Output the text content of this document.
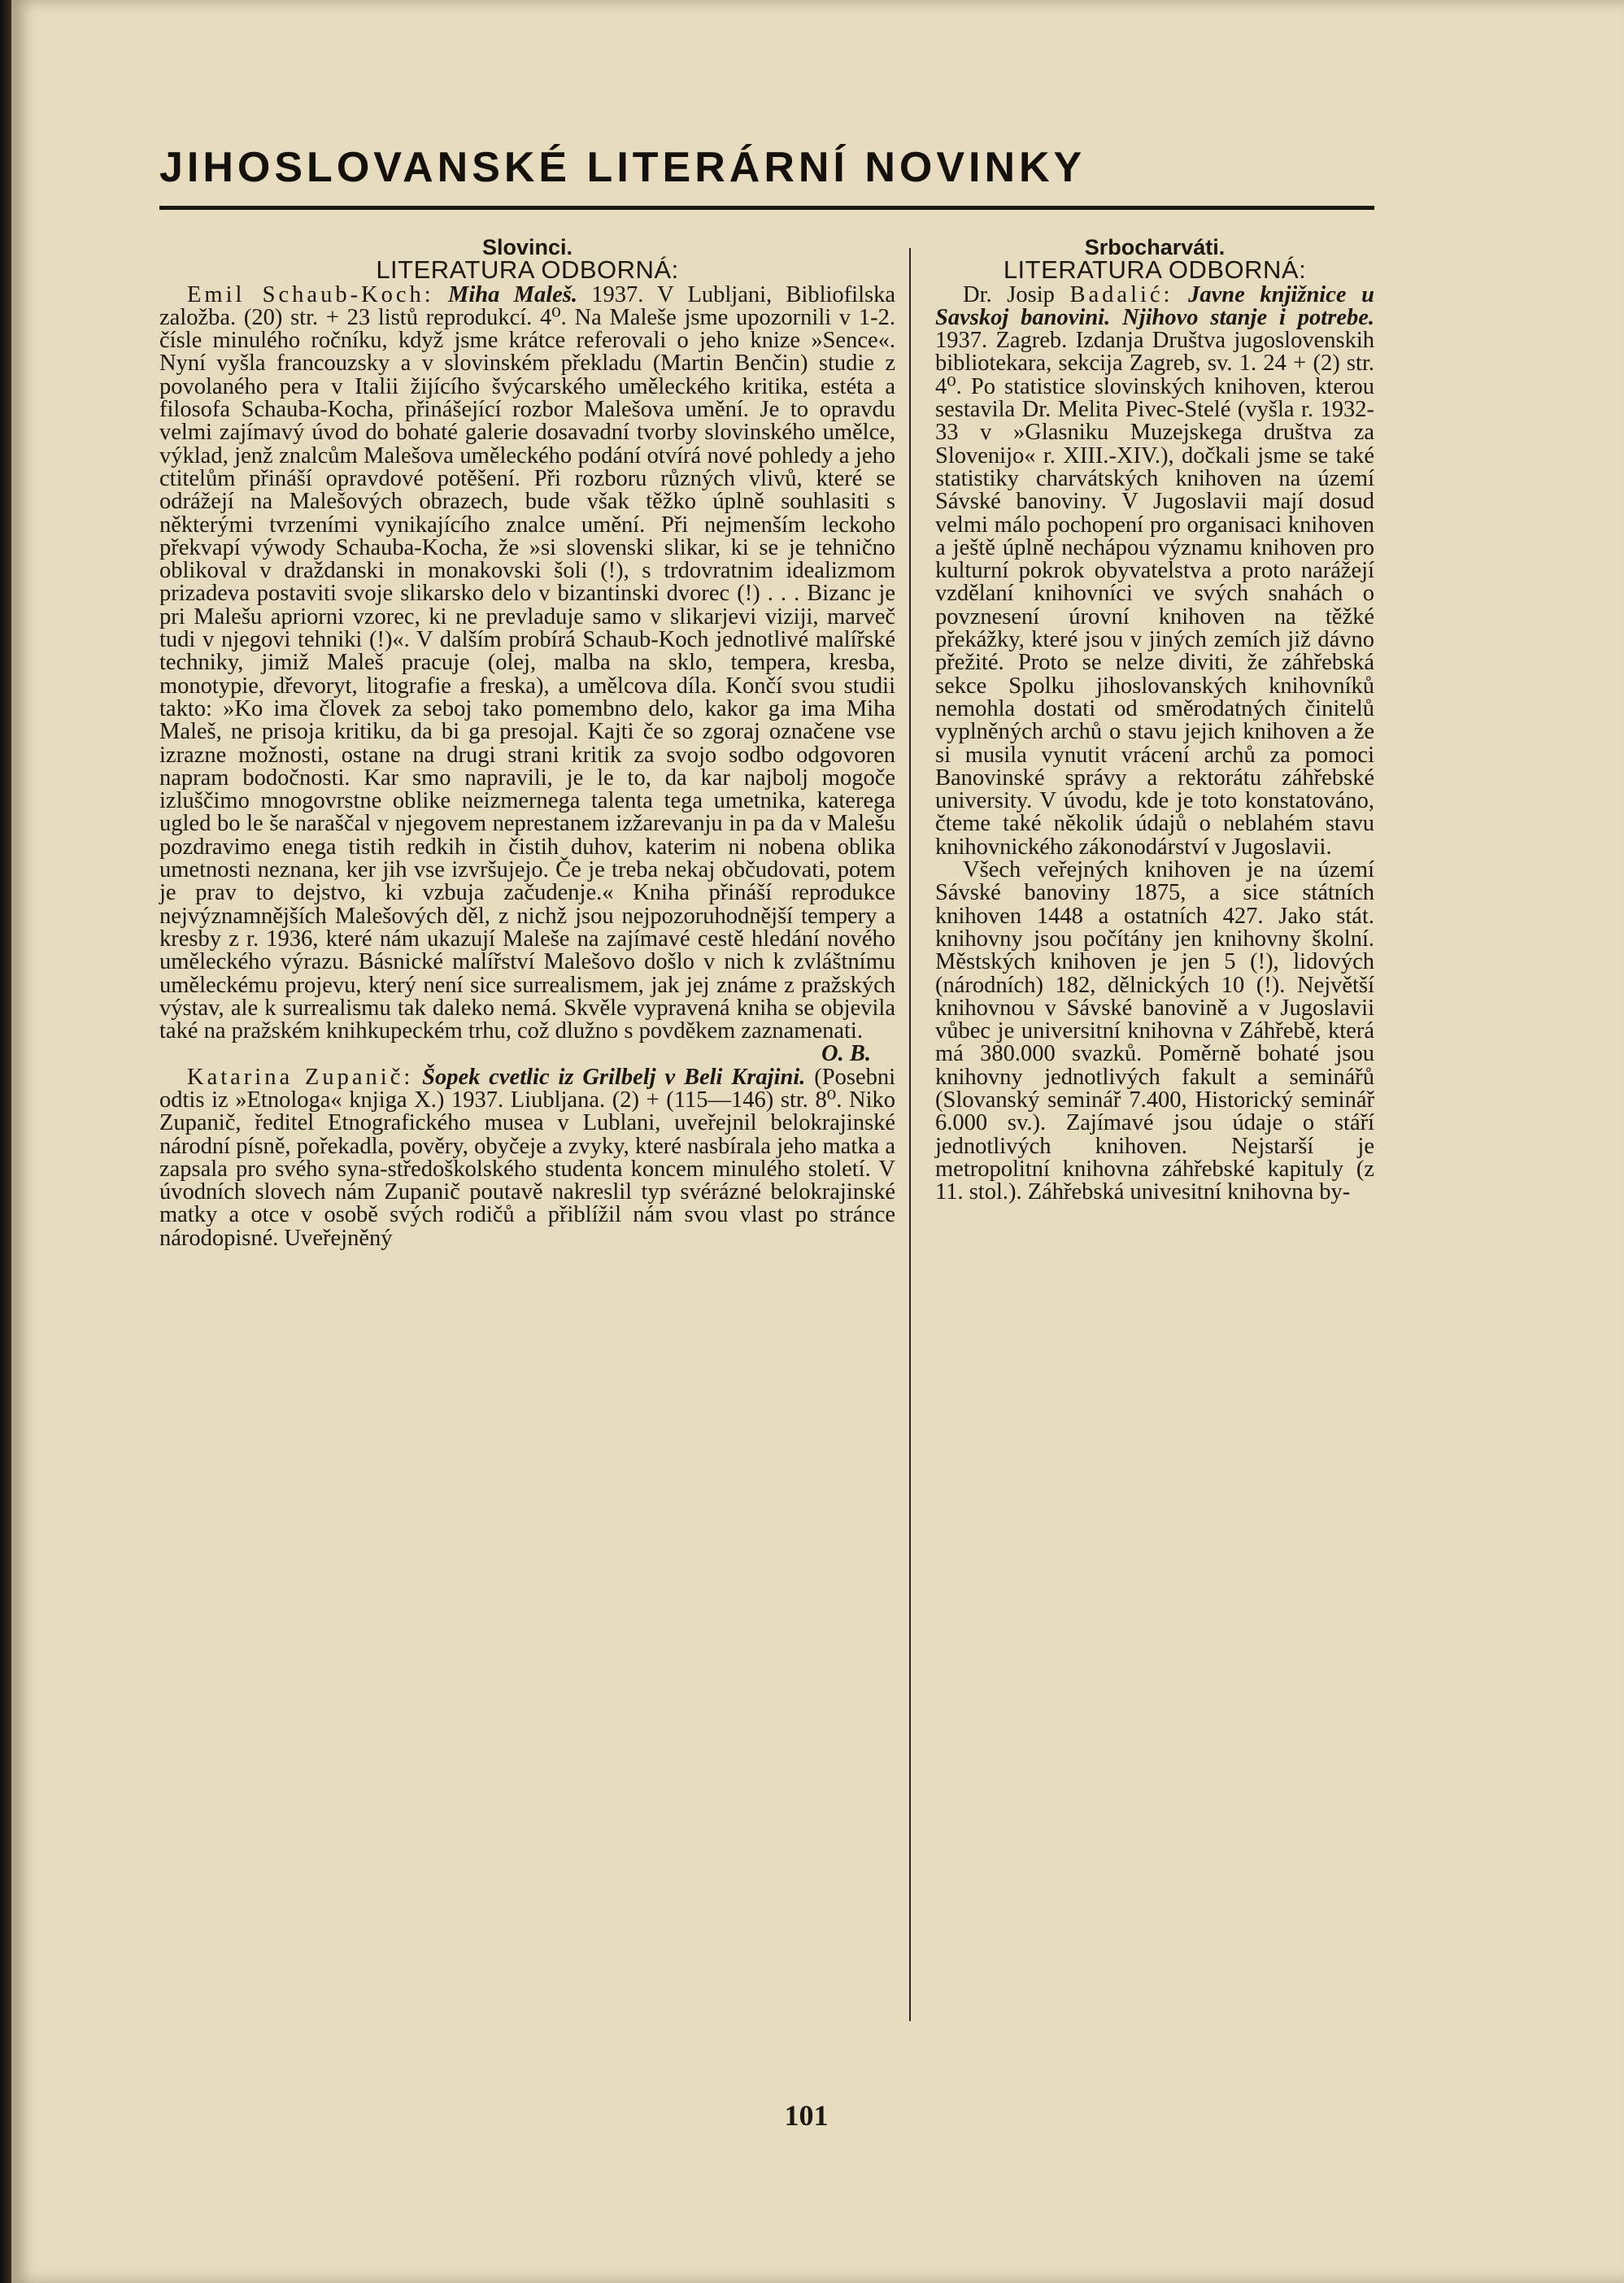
JIHOSLOVANSKÉ LITERÁRNÍ NOVINKY

Slovinci.

LITERATURA ODBORNÁ:

Emil Schaub-Koch: Miha Maleš. 1937. V Lubljani, Bibliofilska založba. (20) str. + 23 listů reprodukcí. 4⁰. Na Maleše jsme upozornili v 1-2. čísle minulého ročníku, když jsme krátce referovali o jeho knize »Sence«. Nyní vyšla francouzsky a v slovinském překladu (Martin Benčin) studie z povolaného pera v Italii žijícího švýcarského uměleckého kritika, estéta a filosofa Schauba-Kocha, přinášející rozbor Malešova umění. Je to opravdu velmi zajímavý úvod do bohaté galerie dosavadní tvorby slovinského umělce, výklad, jenž znalcům Malešova uměleckého podání otvírá nové pohledy a jeho ctitelům přináší opravdové potěšení. Při rozboru různých vlivů, které se odrážejí na Malešových obrazech, bude však těžko úplně souhlasiti s některými tvrzeními vynikajícího znalce umění. Při nejmenším leckoho překvapí výwody Schauba-Kocha, že »si slovenski slikar, ki se je tehnično oblikoval v draždanski in monakovski šoli (!), s trdovratnim idealizmom prizadeva postaviti svoje slikarsko delo v bizantinski dvorec (!) . . . Bizanc je pri Malešu apriorni vzorec, ki ne prevladuje samo v slikarjevi viziji, marveč tudi v njegovi tehniki (!)«. V dalším probírá Schaub-Koch jednotlivé malířské techniky, jimiž Maleš pracuje (olej, malba na sklo, tempera, kresba, monotypie, dřevoryt, litografie a freska), a umělcova díla. Končí svou studii takto: »Ko ima človek za seboj tako pomembno delo, kakor ga ima Miha Maleš, ne prisoja kritiku, da bi ga presojal. Kajti če so zgoraj označene vse izrazne možnosti, ostane na drugi strani kritik za svojo sodbo odgovoren napram bodočnosti. Kar smo napravili, je le to, da kar najbolj mogoče izluščimo mnogovrstne oblike neizmernega talenta tega umetnika, katerega ugled bo le še naraščal v njegovem neprestanem izžarevanju in pa da v Malešu pozdravimo enega tistih redkih in čistih duhov, katerim ni nobena oblika umetnosti neznana, ker jih vse izvršujejo. Če je treba nekaj občudovati, potem je prav to dejstvo, ki vzbuja začudenje.« Kniha přináší reprodukce nejvýznamnějších Malešových děl, z nichž jsou nejpozoruhodnější tempery a kresby z r. 1936, které nám ukazují Maleše na zajímavé cestě hledání nového uměleckého výrazu. Básnické malířství Malešovo došlo v nich k zvláštnímu uměleckému projevu, který není sice surrealismem, jak jej známe z pražských výstav, ale k surrealismu tak daleko nemá. Skvěle vypravená kniha se objevila také na pražském knihkupeckém trhu, což dlužno s povděkem zaznamenati.
O. B.

Katarina Zupanič: Šopek cvetlic iz Grilbelj v Beli Krajini. (Posebni odtis iz »Etnologa« knjiga X.) 1937. Liubljana. (2) + (115—146) str. 8⁰. Niko Zupanič, ředitel Etnografického musea v Lublani, uveřejnil belokrajinské národní písně, pořekadla, pověry, obyčeje a zvyky, které nasbírala jeho matka a zapsala pro svého syna-středoškolského studenta koncem minulého století. V úvodních slovech nám Zupanič poutavě nakreslil typ svérázné belokrajinské matky a otce v osobě svých rodičů a přiblížil nám svou vlast po stránce národopisné. Uveřejněný

Srbocharváti.

LITERATURA ODBORNÁ:

Dr. Josip Badalić: Javne knjižnice u Savskoj banovini. Njihovo stanje i potrebe. 1937. Zagreb. Izdanja Društva jugoslovenskih bibliotekara, sekcija Zagreb, sv. 1. 24 + (2) str. 4⁰. Po statistice slovinských knihoven, kterou sestavila Dr. Melita Pivec-Stelé (vyšla r. 1932-33 v »Glasniku Muzejskega društva za Slovenijo« r. XIII.-XIV.), dočkali jsme se také statistiky charvátských knihoven na území Sávské banoviny. V Jugoslavii mají dosud velmi málo pochopení pro organisaci knihoven a ještě úplně nechápou významu knihoven pro kulturní pokrok obyvatelstva a proto narážejí vzdělaní knihovníci ve svých snahách o povznesení úrovní knihoven na těžké překážky, které jsou v jiných zemích již dávno přežité. Proto se nelze diviti, že záhřebská sekce Spolku jihoslovanských knihovníků nemohla dostati od směrodatných činitelů vyplněných archů o stavu jejich knihoven a že si musila vynutit vrácení archů za pomoci Banovinské správy a rektorátu záhřebské university. V úvodu, kde je toto konstatováno, čteme také několik údajů o neblahém stavu knihovnického zákonodárství v Jugoslavii.

Všech veřejných knihoven je na území Sávské banoviny 1875, a sice státních knihoven 1448 a ostatních 427. Jako stát. knihovny jsou počítány jen knihovny školní. Městských knihoven je jen 5 (!), lidových (národních) 182, dělnických 10 (!). Největší knihovnou v Sávské banovině a v Jugoslavii vůbec je universitní knihovna v Záhřebě, která má 380.000 svazků. Poměrně bohaté jsou knihovny jednotlivých fakult a seminářů (Slovanský seminář 7.400, Historický seminář 6.000 sv.). Zajímavé jsou údaje o stáří jednotlivých knihoven. Nejstarší je metropolitní knihovna záhřebské kapituly (z 11. stol.). Záhřebská univesitní knihovna by-

101
